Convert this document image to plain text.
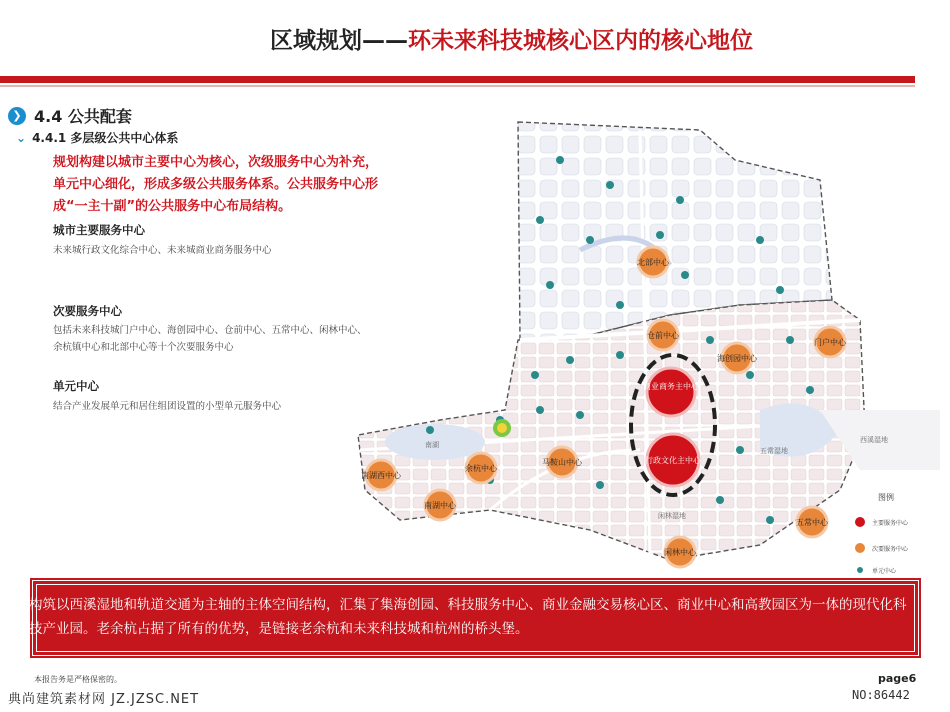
区域规划——环未来科技城核心区内的核心地位
❯ 4.4 公共配套
⌄ 4.4.1 多层级公共中心体系
规划构建以城市主要中心为核心，次级服务中心为补充，单元中心细化，形成多级公共服务体系。公共服务中心形成“一主十副”的公共服务中心布局结构。
城市主要服务中心
未来城行政文化综合中心、未来城商业商务服务中心
次要服务中心
包括未来科技城门户中心、海创园中心、仓前中心、五常中心、闲林中心、余杭镇中心和北部中心等十个次要服务中心
单元中心
结合产业发展单元和居住组团设置的小型单元服务中心
商业商务主中心
行政文化主中心
北部中心
仓前中心
门户中心
海创园中心
马鞍山中心
余杭中心
南湖西中心
南湖中心
五常中心
闲林中心
西溪湿地
五常湿地
闲林湿地
南湖
图例
主要服务中心
次要服务中心
单元中心

构筑以西溪湿地和轨道交通为主轴的主体空间结构，汇集了集海创园、科技服务中心、商业金融交易核心区、商业中心和高教园区为一体的现代化科技产业园。老余杭占据了所有的优势，是链接老余杭和未来科技城和杭州的桥头堡。

本报告务是严格保密的。	page6
典尚建筑素材网 JZ.JZSC.NET	NO:86442
